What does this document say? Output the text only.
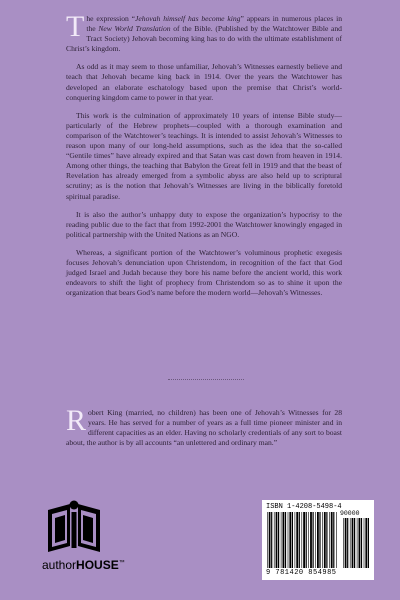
The expression “Jehovah himself has become king” appears in numerous places in the New World Translation of the Bible. (Published by the Watchtower Bible and Tract Society) Jehovah becoming king has to do with the ultimate establishment of Christ’s kingdom.

As odd as it may seem to those unfamiliar, Jehovah’s Witnesses earnestly believe and teach that Jehovah became king back in 1914. Over the years the Watchtower has developed an elaborate eschatology based upon the premise that Christ’s world-conquering kingdom came to power in that year.

This work is the culmination of approximately 10 years of intense Bible study—particularly of the Hebrew prophets—coupled with a thorough examination and comparison of the Watchtower’s teachings. It is intended to assist Jehovah’s Witnesses to reason upon many of our long-held assumptions, such as the idea that the so-called “Gentile times” have already expired and that Satan was cast down from heaven in 1914. Among other things, the teaching that Babylon the Great fell in 1919 and that the beast of Revelation has already emerged from a symbolic abyss are also held up to scriptural scrutiny; as is the notion that Jehovah’s Witnesses are living in the biblically foretold spiritual paradise.

It is also the author’s unhappy duty to expose the organization’s hypocrisy to the reading public due to the fact that from 1992-2001 the Watchtower knowingly engaged in political partnership with the United Nations as an NGO.

Whereas, a significant portion of the Watchtower’s voluminous prophetic exegesis focuses Jehovah’s denunciation upon Christendom, in recognition of the fact that God judged Israel and Judah because they bore his name before the ancient world, this work endeavors to shift the light of prophecy from Christendom so as to shine it upon the organization that bears God’s name before the modern world—Jehovah’s Witnesses.

Robert King (married, no children) has been one of Jehovah’s Witnesses for 28 years. He has served for a number of years as a full time pioneer minister and in different capacities as an elder. Having no scholarly credentials of any sort to boast about, the author is by all accounts “an unlettered and ordinary man.”

authorHOUSE™
ISBN 1-4208-5498-4
90000
9 781420 854985
